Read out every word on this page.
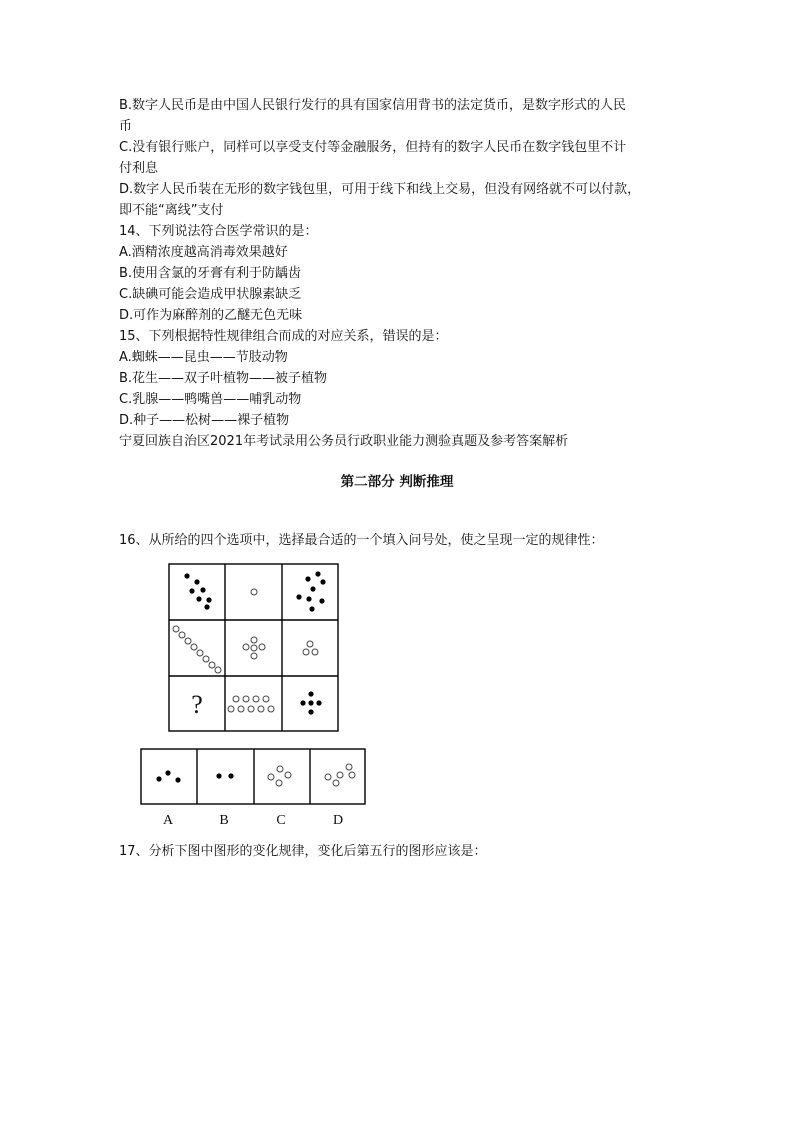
B.数字人民币是由中国人民银行发行的具有国家信用背书的法定货币，是数字形式的人民
币
C.没有银行账户，同样可以享受支付等金融服务，但持有的数字人民币在数字钱包里不计
付利息
D.数字人民币装在无形的数字钱包里，可用于线下和线上交易，但没有网络就不可以付款，
即不能“离线”支付
14、下列说法符合医学常识的是：
A.酒精浓度越高消毒效果越好
B.使用含氯的牙膏有利于防龋齿
C.缺碘可能会造成甲状腺素缺乏
D.可作为麻醉剂的乙醚无色无味
15、下列根据特性规律组合而成的对应关系，错误的是：
A.蜘蛛——昆虫——节肢动物
B.花生——双子叶植物——被子植物
C.乳腺——鸭嘴兽——哺乳动物
D.种子——松树——裸子植物
宁夏回族自治区2021年考试录用公务员行政职业能力测验真题及参考答案解析
第二部分 判断推理
16、从所给的四个选项中，选择最合适的一个填入问号处，使之呈现一定的规律性：
?
A	B	C	D
17、分析下图中图形的变化规律，变化后第五行的图形应该是：
